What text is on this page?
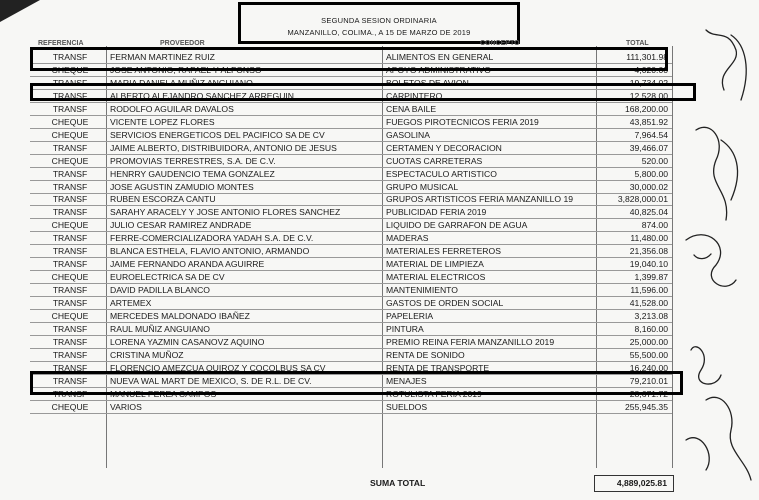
SEGUNDA SESION ORDINARIA
MANZANILLO, COLIMA., A 15 DE MARZO DE 2019
REFERENCIA	PROVEEDOR	CONCEPTO	TOTAL
TRANSF	FERMAN MARTINEZ RUIZ	ALIMENTOS EN GENERAL	111,301.98
CHEQUE	JOSE ANTONIO, RAFAEL Y ALFONSO	APOYO ADMINISTRATIVO	4,020.00
TRANSF	MARIA DANIELA MUÑIZ ANGUIANO	BOLETOS DE AVION	19,734.02
TRANSF	ALBERTO ALEJANDRO SANCHEZ ARREGUIN	CARPINTERO	12,528.00
TRANSF	RODOLFO AGUILAR DAVALOS	CENA BAILE	168,200.00
CHEQUE	VICENTE LOPEZ FLORES	FUEGOS PIROTECNICOS FERIA 2019	43,851.92
CHEQUE	SERVICIOS ENERGETICOS DEL PACIFICO SA DE CV	GASOLINA	7,964.54
TRANSF	JAIME ALBERTO, DISTRIBUIDORA, ANTONIO DE JESUS	CERTAMEN Y DECORACION	39,466.07
CHEQUE	PROMOVIAS TERRESTRES, S.A. DE C.V.	CUOTAS CARRETERAS	520.00
TRANSF	HENRRY GAUDENCIO TEMA GONZALEZ	ESPECTACULO ARTISTICO	5,800.00
TRANSF	JOSE AGUSTIN ZAMUDIO MONTES	GRUPO MUSICAL	30,000.02
TRANSF	RUBEN ESCORZA CANTU	GRUPOS ARTISTICOS FERIA MANZANILLO 19	3,828,000.01
TRANSF	SARAHY ARACELY Y JOSE ANTONIO FLORES SANCHEZ	PUBLICIDAD FERIA 2019	40,825.04
CHEQUE	JULIO CESAR RAMIREZ ANDRADE	LIQUIDO DE GARRAFON DE AGUA	874.00
TRANSF	FERRE-COMERCIALIZADORA YADAH S.A. DE C.V.	MADERAS	11,480.00
TRANSF	BLANCA ESTHELA, FLAVIO ANTONIO, ARMANDO	MATERIALES FERRETEROS	21,356.08
TRANSF	JAIME FERNANDO ARANDA AGUIRRE	MATERIAL DE LIMPIEZA	19,040.10
CHEQUE	EUROELECTRICA SA DE CV	MATERIAL ELECTRICOS	1,399.87
TRANSF	DAVID PADILLA BLANCO	MANTENIMIENTO	11,596.00
TRANSF	ARTEMEX	GASTOS DE ORDEN SOCIAL	41,528.00
CHEQUE	MERCEDES MALDONADO IBAÑEZ	PAPELERIA	3,213.08
TRANSF	RAUL MUÑIZ ANGUIANO	PINTURA	8,160.00
TRANSF	LORENA YAZMIN CASANOVZ AQUINO	PREMIO REINA FERIA MANZANILLO 2019	25,000.00
TRANSF	CRISTINA MUÑOZ	RENTA DE SONIDO	55,500.00
TRANSF	FLORENCIO AMEZCUA QUIROZ Y COCOLBUS SA CV	RENTA DE TRANSPORTE	16,240.00
TRANSF	NUEVA WAL MART DE MEXICO, S. DE R.L. DE CV.	MENAJES	79,210.01
TRANSF	MANUEL PEREA CAMPOS	ROTULISTA FERIA 2019	28,671.72
CHEQUE	VARIOS	SUELDOS	255,945.35
SUMA TOTAL	4,889,025.81
